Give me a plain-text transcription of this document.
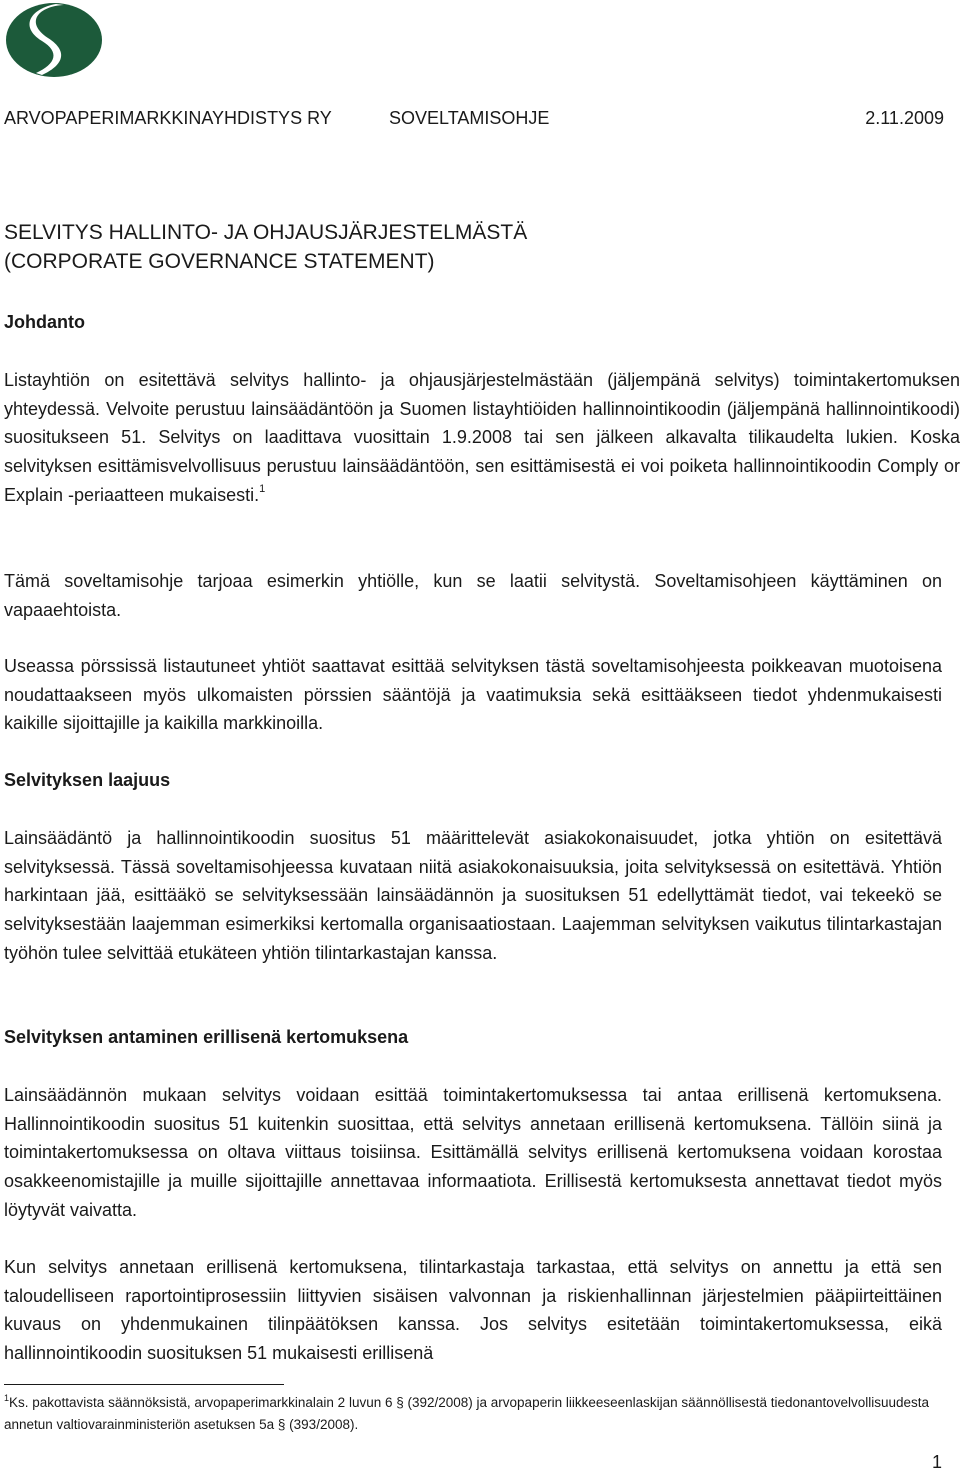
ARVOPAPERIMARKKINAYHDISTYS RY	SOVELTAMISOHJE	2.11.2009
SELVITYS HALLINTO- JA OHJAUSJÄRJESTELMÄSTÄ
(CORPORATE GOVERNANCE STATEMENT)
Johdanto

Listayhtiön on esitettävä selvitys hallinto- ja ohjausjärjestelmästään (jäljempänä selvitys) toimintakertomuksen yhteydessä. Velvoite perustuu lainsäädäntöön ja Suomen listayhtiöiden hallinnointikoodin (jäljempänä hallinnointikoodi) suositukseen 51. Selvitys on laadittava vuosittain 1.9.2008 tai sen jälkeen alkavalta tilikaudelta lukien. Koska selvityksen esittämisvelvollisuus perustuu lainsäädäntöön, sen esittämisestä ei voi poiketa hallinnointikoodin Comply or Explain -periaatteen mukaisesti.$^1$

Tämä soveltamisohje tarjoaa esimerkin yhtiölle, kun se laatii selvitystä. Soveltamisohjeen käyttäminen on vapaaehtoista.

Useassa pörssissä listautuneet yhtiöt saattavat esittää selvityksen tästä soveltamisohjeesta poikkeavan muotoisena noudattaakseen myös ulkomaisten pörssien sääntöjä ja vaatimuksia sekä esittääkseen tiedot yhdenmukaisesti kaikille sijoittajille ja kaikilla markkinoilla.

Selvityksen laajuus

Lainsäädäntö ja hallinnointikoodin suositus 51 määrittelevät asiakokonaisuudet, jotka yhtiön on esitettävä selvityksessä. Tässä soveltamisohjeessa kuvataan niitä asiakokonaisuuksia, joita selvityksessä on esitettävä. Yhtiön harkintaan jää, esittääkö se selvityksessään lainsäädännön ja suosituksen 51 edellyttämät tiedot, vai tekeekö se selvityksestään laajemman esimerkiksi kertomalla organisaatiostaan. Laajemman selvityksen vaikutus tilintarkastajan työhön tulee selvittää etukäteen yhtiön tilintarkastajan kanssa.

Selvityksen antaminen erillisenä kertomuksena

Lainsäädännön mukaan selvitys voidaan esittää toimintakertomuksessa tai antaa erillisenä kertomuksena. Hallinnointikoodin suositus 51 kuitenkin suosittaa, että selvitys annetaan erillisenä kertomuksena. Tällöin siinä ja toimintakertomuksessa on oltava viittaus toisiinsa. Esittämällä selvitys erillisenä kertomuksena voidaan korostaa osakkeenomistajille ja muille sijoittajille annettavaa informaatiota. Erillisestä kertomuksesta annettavat tiedot myös löytyvät vaivatta.

Kun selvitys annetaan erillisenä kertomuksena, tilintarkastaja tarkastaa, että selvitys on annettu ja että sen taloudelliseen raportointiprosessiin liittyvien sisäisen valvonnan ja riskienhallinnan järjestelmien pääpiirteittäinen kuvaus on yhdenmukainen tilinpäätöksen kanssa. Jos selvitys esitetään toimintakertomuksessa, eikä hallinnointikoodin suosituksen 51 mukaisesti erillisenä

$^1$Ks. pakottavista säännöksistä, arvopaperimarkkinalain 2 luvun 6 § (392/2008) ja arvopaperin liikkeeseenlaskijan säännöllisestä tiedonantovelvollisuudesta annetun valtiovarainministeriön asetuksen 5a § (393/2008).

1
